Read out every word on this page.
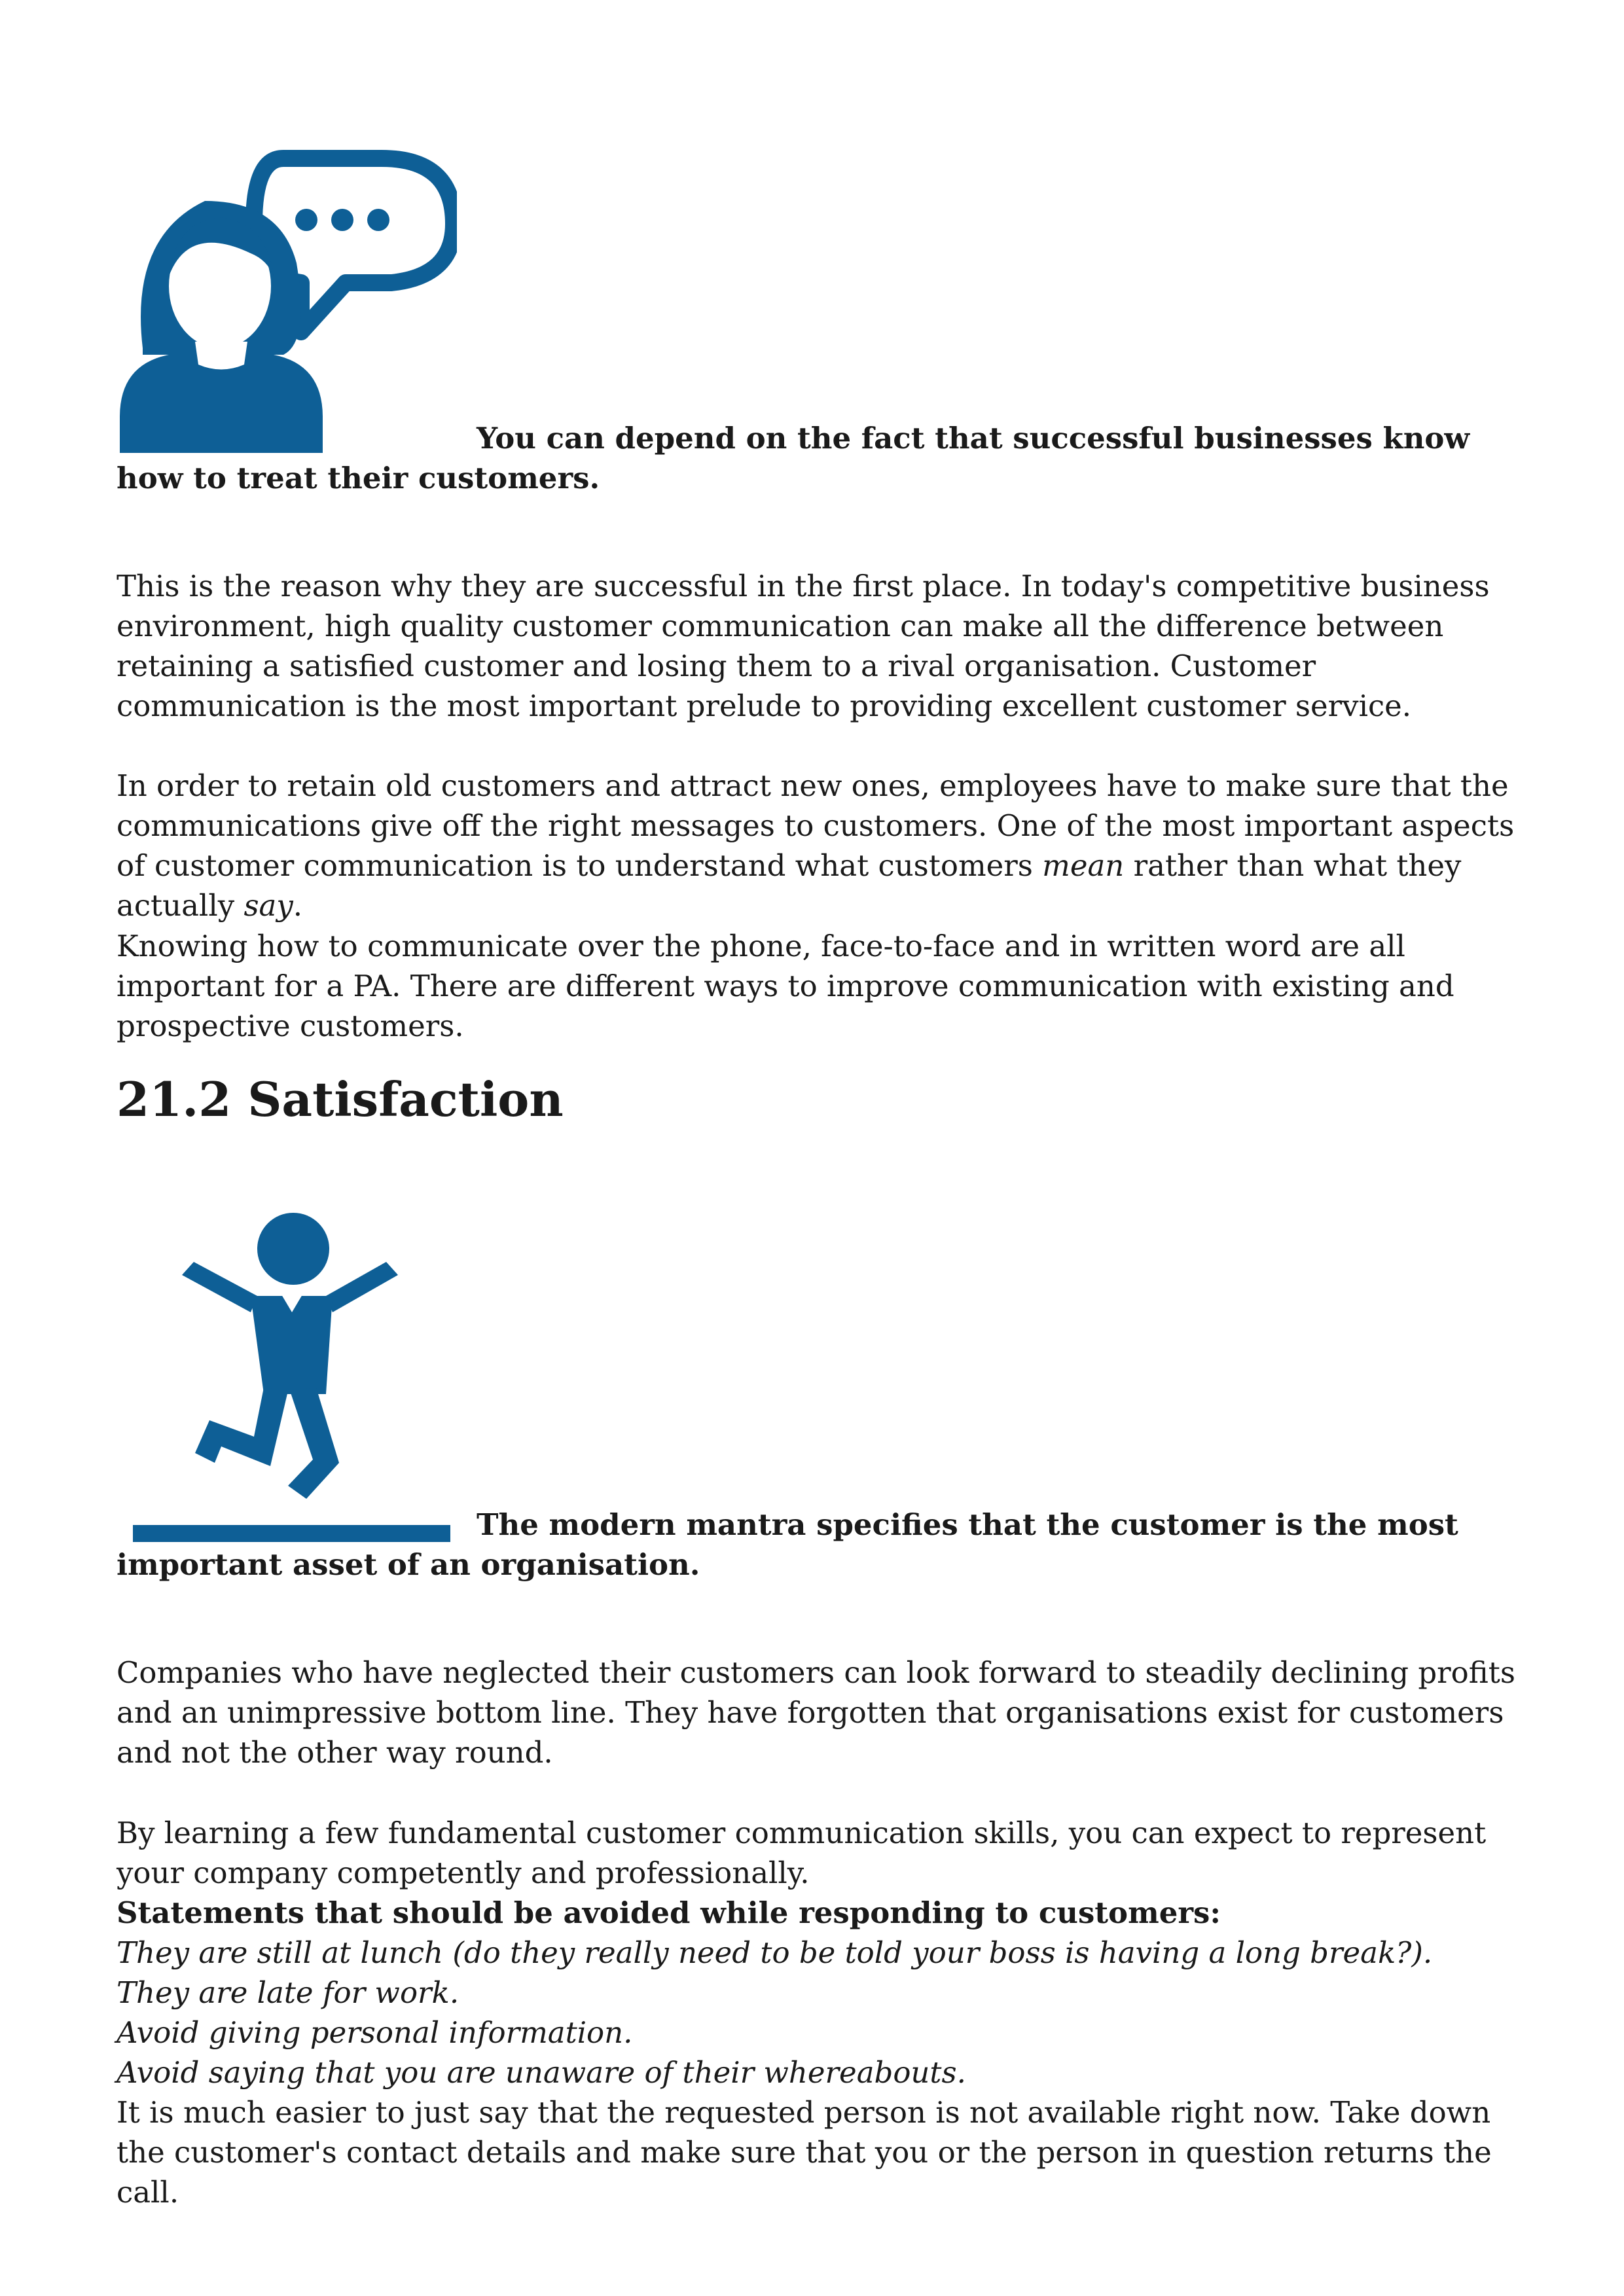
You can depend on the fact that successful businesses know how to treat their customers.

This is the reason why they are successful in the first place. In today's competitive business environment, high quality customer communication can make all the difference between retaining a satisfied customer and losing them to a rival organisation. Customer communication is the most important prelude to providing excellent customer service.

In order to retain old customers and attract new ones, employees have to make sure that the communications give off the right messages to customers. One of the most important aspects of customer communication is to understand what customers mean rather than what they actually say.

Knowing how to communicate over the phone, face-to-face and in written word are all important for a PA. There are different ways to improve communication with existing and prospective customers.

21.2 Satisfaction

The modern mantra specifies that the customer is the most important asset of an organisation.

Companies who have neglected their customers can look forward to steadily declining profits and an unimpressive bottom line. They have forgotten that organisations exist for customers and not the other way round.

By learning a few fundamental customer communication skills, you can expect to represent your company competently and professionally.

Statements that should be avoided while responding to customers:

They are still at lunch (do they really need to be told your boss is having a long break?).
They are late for work.
Avoid giving personal information.
Avoid saying that you are unaware of their whereabouts.

It is much easier to just say that the requested person is not available right now. Take down the customer's contact details and make sure that you or the person in question returns the call.
